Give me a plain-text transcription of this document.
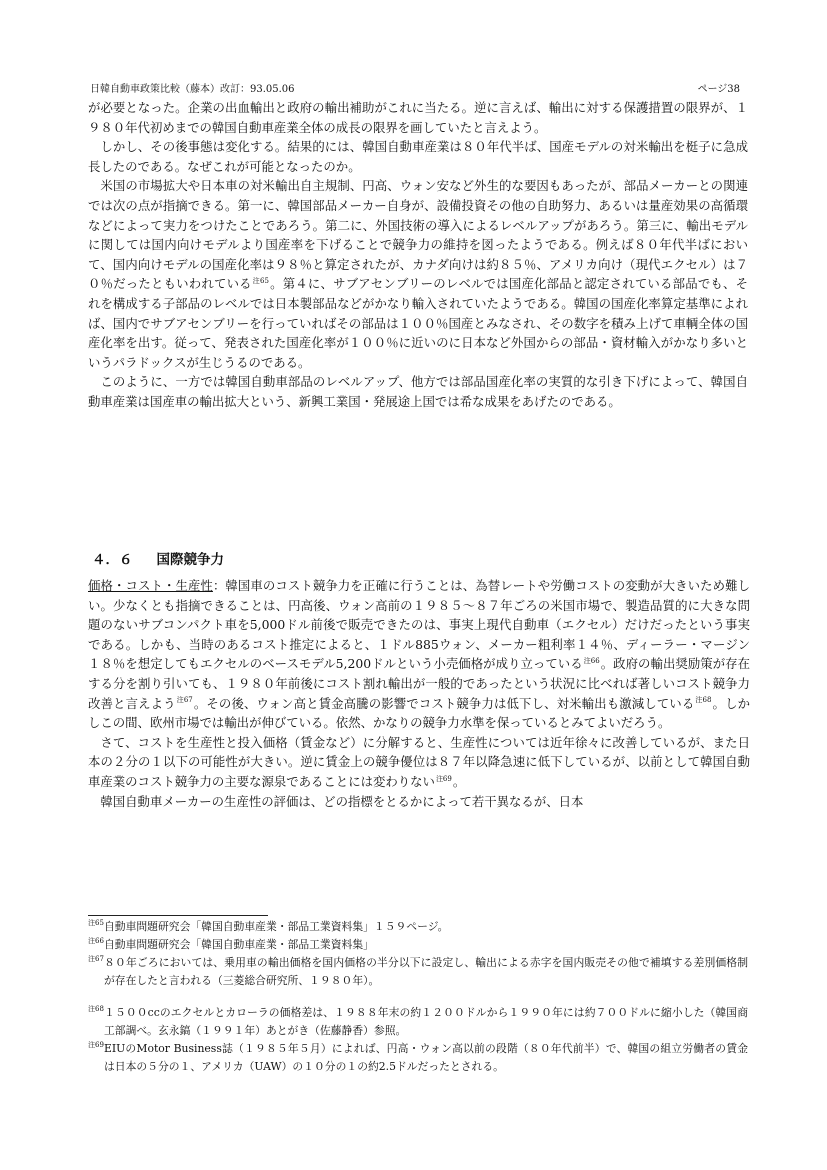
日韓自動車政策比較（藤本）改訂：93.05.06	ページ38

が必要となった。企業の出血輸出と政府の輸出補助がこれに当たる。逆に言えば、輸出に対する保護措置の限界が、１９８０年代初めまでの韓国自動車産業全体の成長の限界を画していたと言えよう。

しかし、その後事態は変化する。結果的には、韓国自動車産業は８０年代半ば、国産モデルの対米輸出を梃子に急成長したのである。なぜこれが可能となったのか。

米国の市場拡大や日本車の対米輸出自主規制、円高、ウォン安など外生的な要因もあったが、部品メーカーとの関連では次の点が指摘できる。第一に、韓国部品メーカー自身が、設備投資その他の自助努力、あるいは量産効果の高循環などによって実力をつけたことであろう。第二に、外国技術の導入によるレベルアップがあろう。第三に、輸出モデルに関しては国内向けモデルより国産率を下げることで競争力の維持を図ったようである。例えば８０年代半ばにおいて、国内向けモデルの国産化率は９８％と算定されたが、カナダ向けは約８５％、アメリカ向け（現代エクセル）は７０％だったともいわれている$^{注65}$。第４に、サブアセンブリーのレベルでは国産化部品と認定されている部品でも、それを構成する子部品のレベルでは日本製部品などがかなり輸入されていたようである。韓国の国産化率算定基準によれば、国内でサブアセンブリーを行っていればその部品は１００％国産とみなされ、その数字を積み上げて車輌全体の国産化率を出す。従って、発表された国産化率が１００％に近いのに日本など外国からの部品・資材輸入がかなり多いというパラドックスが生じうるのである。

このように、一方では韓国自動車部品のレベルアップ、他方では部品国産化率の実質的な引き下げによって、韓国自動車産業は国産車の輸出拡大という、新興工業国・発展途上国では希な成果をあげたのである。

４．６ 国際競争力

価格・コスト・生産性：韓国車のコスト競争力を正確に行うことは、為替レートや労働コストの変動が大きいため難しい。少なくとも指摘できることは、円高後、ウォン高前の１９８５〜８７年ごろの米国市場で、製造品質的に大きな問題のないサブコンパクト車を5,000ドル前後で販売できたのは、事実上現代自動車（エクセル）だけだったという事実である。しかも、当時のあるコスト推定によると、１ドル885ウォン、メーカー粗利率１４％、ディーラー・マージン１８％を想定してもエクセルのベースモデル5,200ドルという小売価格が成り立っている$^{注66}$。政府の輸出奨励策が存在する分を割り引いても、１９８０年前後にコスト割れ輸出が一般的であったという状況に比べれば著しいコスト競争力改善と言えよう$^{注67}$。その後、ウォン高と賃金高騰の影響でコスト競争力は低下し、対米輸出も激減している$^{注68}$。しかしこの間、欧州市場では輸出が伸びている。依然、かなりの競争力水準を保っているとみてよいだろう。

さて、コストを生産性と投入価格（賃金など）に分解すると、生産性については近年徐々に改善しているが、また日本の２分の１以下の可能性が大きい。逆に賃金上の競争優位は８７年以降急速に低下しているが、以前として韓国自動車産業のコスト競争力の主要な源泉であることには変わりない$^{注69}$。

韓国自動車メーカーの生産性の評価は、どの指標をとるかによって若干異なるが、日本

注65自動車問題研究会「韓国自動車産業・部品工業資料集」１５９ページ。

注66自動車問題研究会「韓国自動車産業・部品工業資料集」

注67８０年ごろにおいては、乗用車の輸出価格を国内価格の半分以下に設定し、輸出による赤字を国内販売その他で補填する差別価格制が存在したと言われる（三菱総合研究所、１９８０年）。

注68１５００ccのエクセルとカローラの価格差は、１９８８年末の約１２００ドルから１９９０年には約７００ドルに縮小した（韓国商工部調べ。玄永鎬（１９９１年）あとがき（佐藤静香）参照。

注69EIUのMotor Business誌（１９８５年５月）によれば、円高・ウォン高以前の段階（８０年代前半）で、韓国の組立労働者の賃金は日本の５分の１、アメリカ（UAW）の１０分の１の約2.5ドルだったとされる。
